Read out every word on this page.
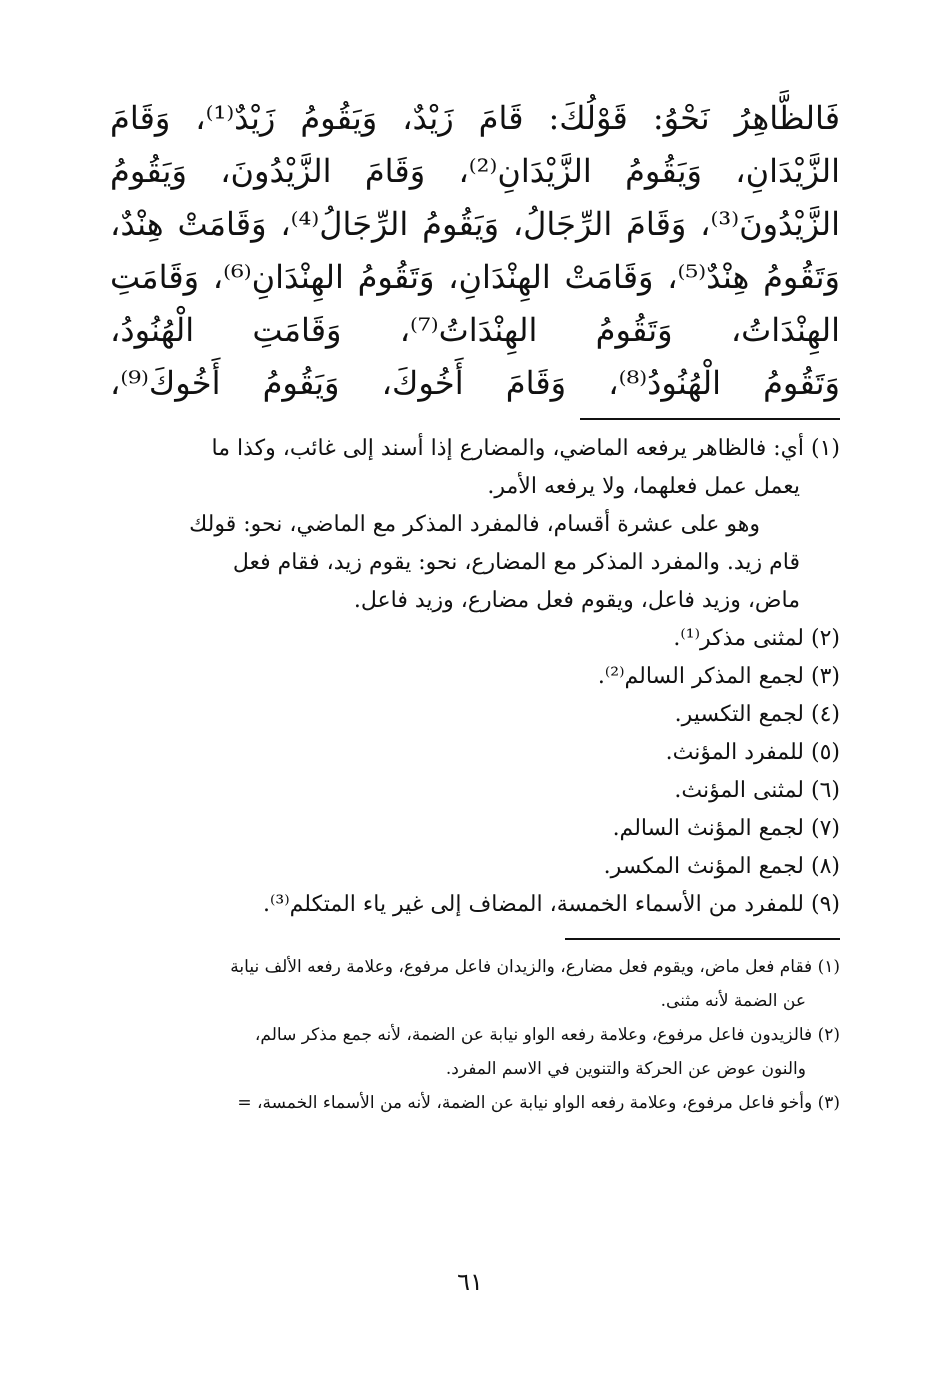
فَالظَّاهِرُ نَحْوُ: قَوْلُكَ: قَامَ زَيْدٌ، وَيَقُومُ زَيْدٌ⁽¹⁾، وَقَامَ
الزَّيْدَانِ، وَيَقُومُ الزَّيْدَانِ⁽²⁾، وَقَامَ الزَّيْدُونَ، وَيَقُومُ
الزَّيْدُونَ⁽³⁾، وَقَامَ الرِّجَالُ، وَيَقُومُ الرِّجَالُ⁽⁴⁾، وَقَامَتْ هِنْدٌ،
وَتَقُومُ هِنْدٌ⁽⁵⁾، وَقَامَتْ الهِنْدَانِ، وَتَقُومُ الهِنْدَانِ⁽⁶⁾، وَقَامَتِ
الهِنْدَاتُ، وَتَقُومُ الهِنْدَاتُ⁽⁷⁾، وَقَامَتِ الْهُنُودُ،
وَتَقُومُ الْهُنُودُ⁽⁸⁾، وَقَامَ أَخُوكَ، وَيَقُومُ أَخُوكَ⁽⁹⁾،
(١) أي: فالظاهر يرفعه الماضي، والمضارع إذا أسند إلى غائب، وكذا ما
يعمل عمل فعلهما، ولا يرفعه الأمر.
وهو على عشرة أقسام، فالمفرد المذكر مع الماضي، نحو: قولك
قام زيد. والمفرد المذكر مع المضارع، نحو: يقوم زيد، فقام فعل
ماض، وزيد فاعل، ويقوم فعل مضارع، وزيد فاعل.
(٢) لمثنى مذكر⁽¹⁾.
(٣) لجمع المذكر السالم⁽²⁾.
(٤) لجمع التكسير.
(٥) للمفرد المؤنث.
(٦) لمثنى المؤنث.
(٧) لجمع المؤنث السالم.
(٨) لجمع المؤنث المكسر.
(٩) للمفرد من الأسماء الخمسة، المضاف إلى غير ياء المتكلم⁽³⁾.
(١) فقام فعل ماض، ويقوم فعل مضارع، والزيدان فاعل مرفوع، وعلامة رفعه الألف نيابة
عن الضمة لأنه مثنى.
(٢) فالزيدون فاعل مرفوع، وعلامة رفعه الواو نيابة عن الضمة، لأنه جمع مذكر سالم،
والنون عوض عن الحركة والتنوين في الاسم المفرد.
(٣) وأخو فاعل مرفوع، وعلامة رفعه الواو نيابة عن الضمة، لأنه من الأسماء الخمسة، =
٦١
